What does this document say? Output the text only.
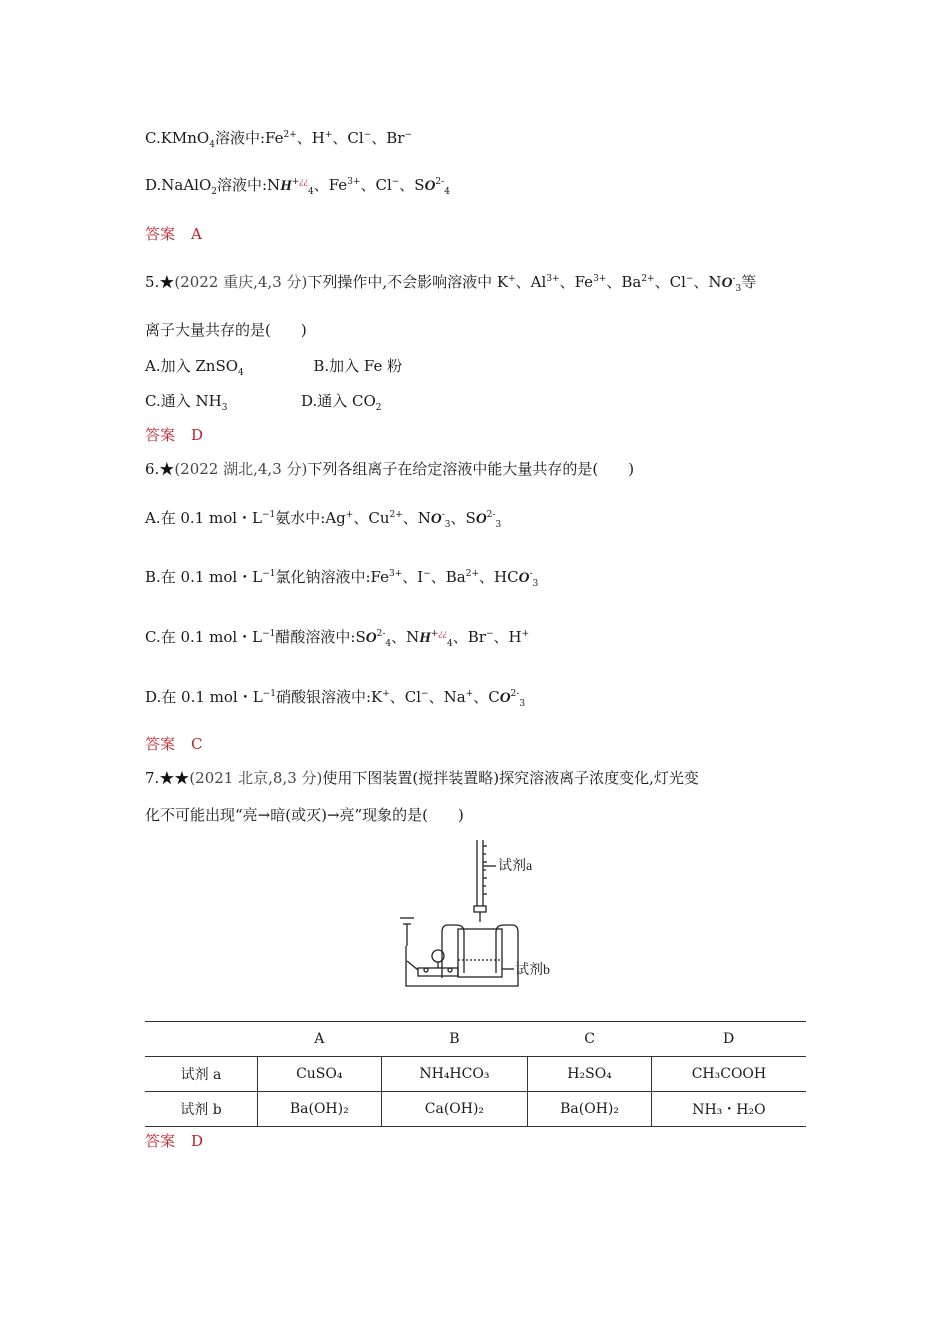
C.KMnO$_4$溶液中$:Fe^{2+}$、H+、Cl−、Br−
D.NaAlO$_2$溶液中$:NH^{+¿¿}_4$、$Fe^{3+}$、Cl−、$SO^{2-}_4$
答案 A
5.★(2022 重庆,4,3 分)下列操作中,不会影响溶液中 K+、$Al^{3+}$、$Fe^{3+}$、$Ba^{2+}$、Cl−、$NO^-_3$等
离子大量共存的是(　　)
A.加入 ZnSO$_4$	B.加入 Fe 粉
C.通入 $NH_3$	D.通入 $CO_2$
答案 D
6.★(2022 湖北,4,3 分)下列各组离子在给定溶液中能大量共存的是(　　)
A.在 0.1 mol・$L^{-1}$氨水中:Ag+、$Cu^{2+}$、$NO^-_3$、$SO^{2-}_3$
B.在 0.1 mol・$L^{-1}$氯化钠溶液中$:Fe^{3+}$、I−、$Ba^{2+}$、$HCO^-_3$
C.在 0.1 mol・$L^{-1}$醋酸溶液中$:SO^{2-}_4$、$NH^{+¿¿}_4$、Br−、H+
D.在 0.1 mol・$L^{-1}$硝酸银溶液中:K+、Cl−、Na+、$CO^{2-}_3$
答案 C
7.★★(2021 北京,8,3 分)使用下图装置(搅拌装置略)探究溶液离子浓度变化,灯光变
化不可能出现“亮→暗(或灭)→亮”现象的是(　　)
试剂a
试剂b
	A	B	C	D
试剂 a	CuSO₄	NH₄HCO₃	H₂SO₄	CH₃COOH
试剂 b	Ba(OH)₂	Ca(OH)₂	Ba(OH)₂	NH₃・H₂O
答案 D
